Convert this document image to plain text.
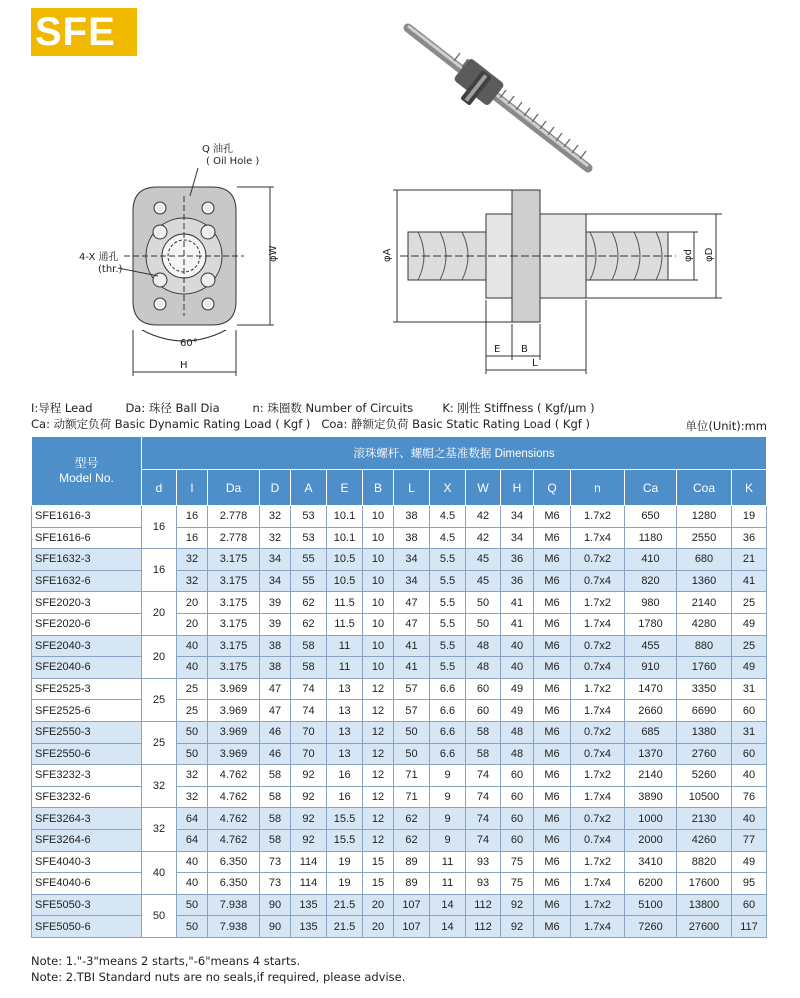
SFE
Q 油孔
( Oil Hole )
4-X 通孔
(thr.)
φW
60°
H
φA	φD
φd
E B
L
I:导程 Lead         Da: 珠径 Ball Dia         n: 珠圈数 Number of Circuits        K: 刚性 Stiffness ( Kgf/μm )
Ca: 动额定负荷 Basic Dynamic Rating Load ( Kgf )   Coa: 静额定负荷 Basic Static Rating Load ( Kgf )	单位(Unit):mm
型号
Model No.	滚珠螺杆、螺帽之基准数据 Dimensions															
	d	l	Da	D	A	E	B	L	X	W	H	Q	n	Ca	Coa	K
SFE1616-3	16	16	2.778	32	53	10.1	10	38	4.5	42	34	M6	1.7x2	650	1280	19
SFE1616-6		16	2.778	32	53	10.1	10	38	4.5	42	34	M6	1.7x4	1180	2550	36
SFE1632-3	16	32	3.175	34	55	10.5	10	34	5.5	45	36	M6	0.7x2	410	680	21
SFE1632-6		32	3.175	34	55	10.5	10	34	5.5	45	36	M6	0.7x4	820	1360	41
SFE2020-3	20	20	3.175	39	62	11.5	10	47	5.5	50	41	M6	1.7x2	980	2140	25
SFE2020-6		20	3.175	39	62	11.5	10	47	5.5	50	41	M6	1.7x4	1780	4280	49
SFE2040-3	20	40	3.175	38	58	11	10	41	5.5	48	40	M6	0.7x2	455	880	25
SFE2040-6		40	3.175	38	58	11	10	41	5.5	48	40	M6	0.7x4	910	1760	49
SFE2525-3	25	25	3.969	47	74	13	12	57	6.6	60	49	M6	1.7x2	1470	3350	31
SFE2525-6		25	3.969	47	74	13	12	57	6.6	60	49	M6	1.7x4	2660	6690	60
SFE2550-3	25	50	3.969	46	70	13	12	50	6.6	58	48	M6	0.7x2	685	1380	31
SFE2550-6		50	3.969	46	70	13	12	50	6.6	58	48	M6	0.7x4	1370	2760	60
SFE3232-3	32	32	4.762	58	92	16	12	71	9	74	60	M6	1.7x2	2140	5260	40
SFE3232-6		32	4.762	58	92	16	12	71	9	74	60	M6	1.7x4	3890	10500	76
SFE3264-3	32	64	4.762	58	92	15.5	12	62	9	74	60	M6	0.7x2	1000	2130	40
SFE3264-6		64	4.762	58	92	15.5	12	62	9	74	60	M6	0.7x4	2000	4260	77
SFE4040-3	40	40	6.350	73	114	19	15	89	11	93	75	M6	1.7x2	3410	8820	49
SFE4040-6		40	6.350	73	114	19	15	89	11	93	75	M6	1.7x4	6200	17600	95
SFE5050-3	50	50	7.938	90	135	21.5	20	107	14	112	92	M6	1.7x2	5100	13800	60
SFE5050-6		50	7.938	90	135	21.5	20	107	14	112	92	M6	1.7x4	7260	27600	117
Note: 1."-3"means 2 starts,"-6"means 4 starts.
Note: 2.TBI Standard nuts are no seals,if required, please advise.
